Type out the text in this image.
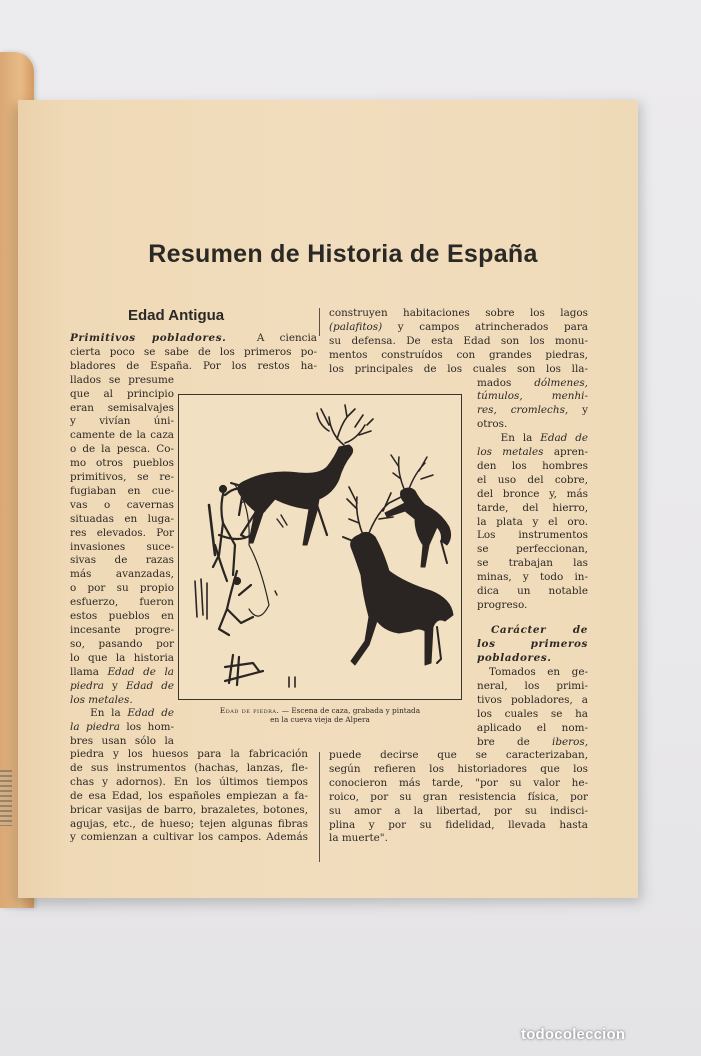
Resumen de Historia de España
Edad Antigua
Primitivos pobladores.	A ciencia
cierta poco se sabe de los primeros po-
bladores de España. Por los restos ha-
llados se presume
que al principio
eran semisalvajes
y vivían úni-
camente de la caza
o de la pesca. Co-
mo otros pueblos
primitivos, se re-
fugiaban en cue-
vas o cavernas
situadas en luga-
res elevados. Por
invasiones suce-
sivas de razas
más avanzadas,
o por su propio
esfuerzo, fueron
estos pueblos en
incesante progre-
so, pasando por
lo que la historia
llama Edad de la
piedra y Edad de
los metales.
En la Edad de
la piedra los hom-
bres usan sólo la
piedra y los huesos para la fabricación
de sus instrumentos (hachas, lanzas, fle-
chas y adornos). En los últimos tiempos
de esa Edad, los españoles empiezan a fa-
bricar vasijas de barro, brazaletes, botones,
agujas, etc., de hueso; tejen algunas fibras
y comienzan a cultivar los campos. Además
construyen habitaciones sobre los lagos
(palafitos) y campos atrincherados para
su defensa. De esta Edad son los monu-
mentos construídos con grandes piedras,
los principales de los cuales son los lla-
mados dólmenes,
túmulos,	menhi-
res, cromlechs, y
otros.
En la Edad de
los metales apren-
den los hombres
el uso del cobre,
del bronce y, más
tarde, del hierro,
la plata y el oro.
Los instrumentos
se perfeccionan,
se trabajan las
minas, y todo in-
dica un notable
progreso.
Carácter de
los primeros
pobladores.
Tomados en ge-
neral, los primi-
tivos pobladores, a
los cuales se ha
aplicado el nom-
bre de iberos,
puede decirse que se caracterizaban,
según refieren los historiadores que los
conocieron más tarde, "por su valor he-
roico, por su gran resistencia física, por
su amor a la libertad, por su indisci-
plina y por su fidelidad, llevada hasta
la muerte".
Edad de piedra. — Escena de caza, grabada y pintada
en la cueva vieja de Alpera
todocoleccion
